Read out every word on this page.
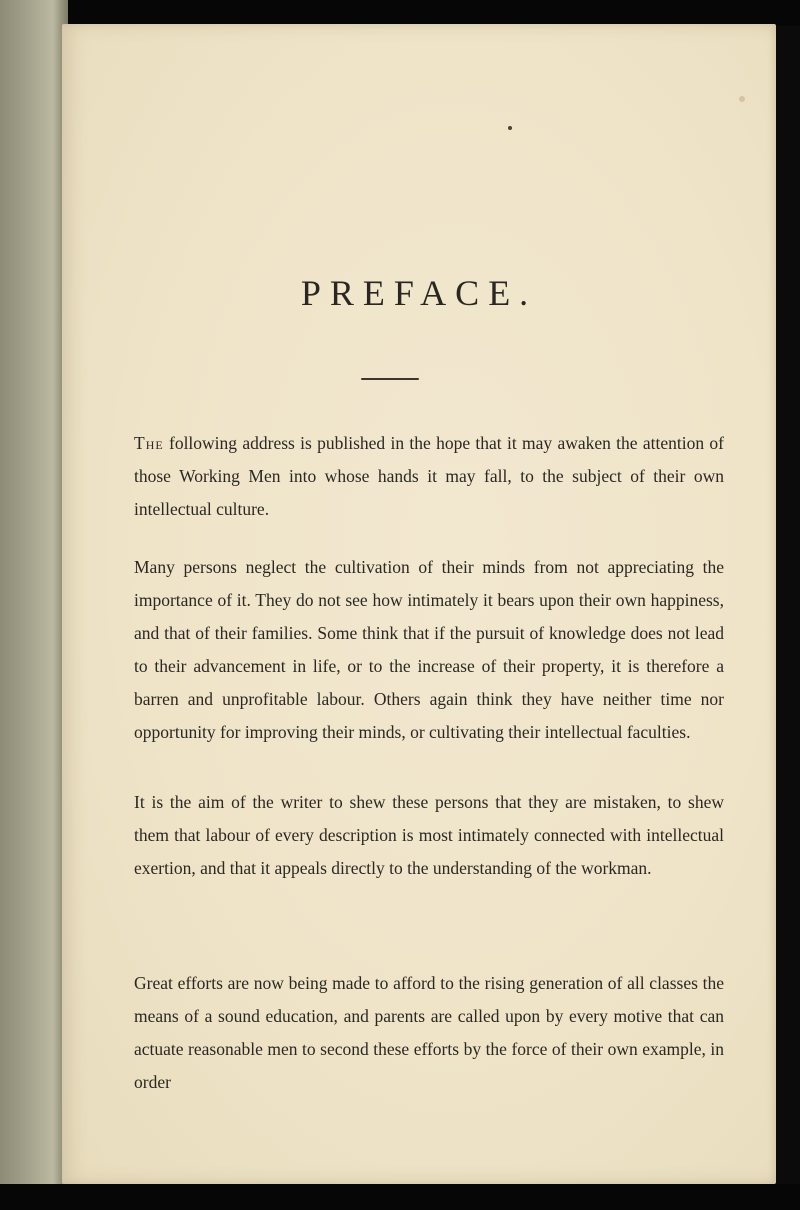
PREFACE.
The following address is published in the hope that it may awaken the attention of those Working Men into whose hands it may fall, to the subject of their own intellectual culture.
Many persons neglect the cultivation of their minds from not appreciating the importance of it. They do not see how intimately it bears upon their own happiness, and that of their families. Some think that if the pursuit of knowledge does not lead to their advancement in life, or to the increase of their property, it is therefore a barren and unprofitable labour. Others again think they have neither time nor opportunity for improving their minds, or cultivating their intellectual faculties.
It is the aim of the writer to shew these persons that they are mistaken, to shew them that labour of every description is most intimately connected with intellectual exertion, and that it appeals directly to the understanding of the workman.
Great efforts are now being made to afford to the rising generation of all classes the means of a sound education, and parents are called upon by every motive that can actuate reasonable men to second these efforts by the force of their own example, in order
